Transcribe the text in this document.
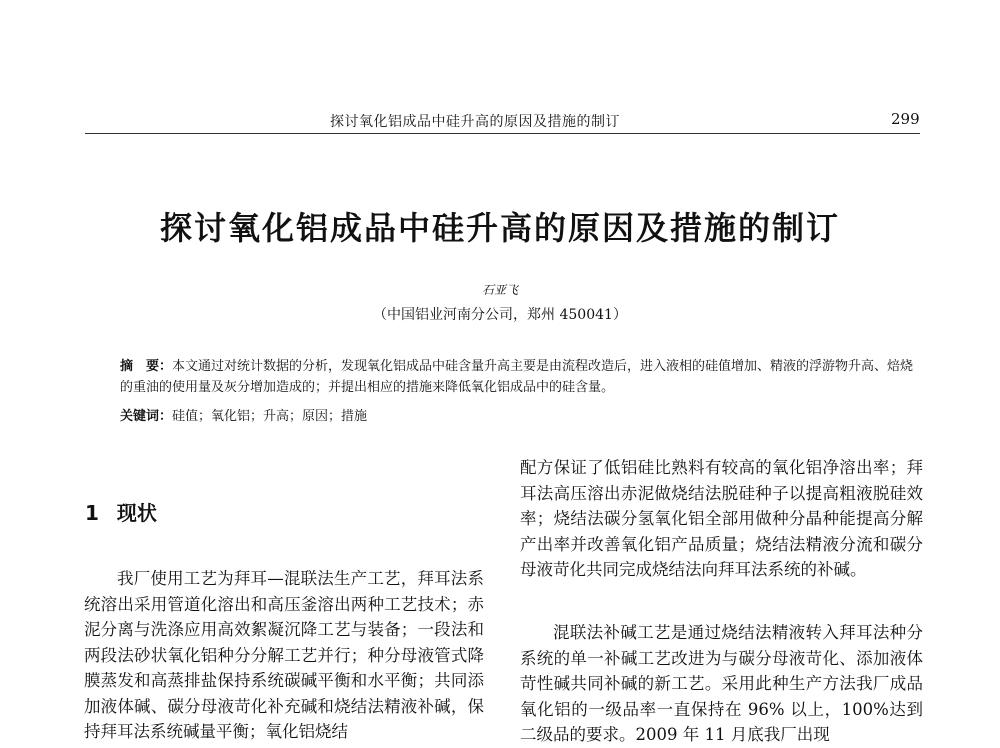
探讨氧化铝成品中硅升高的原因及措施的制订	299
探讨氧化铝成品中硅升高的原因及措施的制订
石亚飞
（中国铝业河南分公司，郑州 450041）
摘　要：本文通过对统计数据的分析，发现氧化铝成品中硅含量升高主要是由流程改造后，进入液相的硅值增加、精液的浮游物升高、焙烧的重油的使用量及灰分增加造成的；并提出相应的措施来降低氧化铝成品中的硅含量。
关键词：硅值；氧化铝；升高；原因；措施
1 现状
我厂使用工艺为拜耳—混联法生产工艺，拜耳法系统溶出采用管道化溶出和高压釜溶出两种工艺技术；赤泥分离与洗涤应用高效絮凝沉降工艺与装备；一段法和两段法砂状氧化铝种分分解工艺并行；种分母液管式降膜蒸发和高蒸排盐保持系统碳碱平衡和水平衡；共同添加液体碱、碳分母液苛化补充碱和烧结法精液补碱，保持拜耳法系统碱量平衡；氧化铝烧结
配方保证了低铝硅比熟料有较高的氧化铝净溶出率；拜耳法高压溶出赤泥做烧结法脱硅种子以提高粗液脱硅效率；烧结法碳分氢氧化铝全部用做种分晶种能提高分解产出率并改善氧化铝产品质量；烧结法精液分流和碳分母液苛化共同完成烧结法向拜耳法系统的补碱。
混联法补碱工艺是通过烧结法精液转入拜耳法种分系统的单一补碱工艺改进为与碳分母液苛化、添加液体苛性碱共同补碱的新工艺。采用此种生产方法我厂成品氧化铝的一级品率一直保持在 96% 以上，100%达到二级品的要求。2009 年 11 月底我厂出现
